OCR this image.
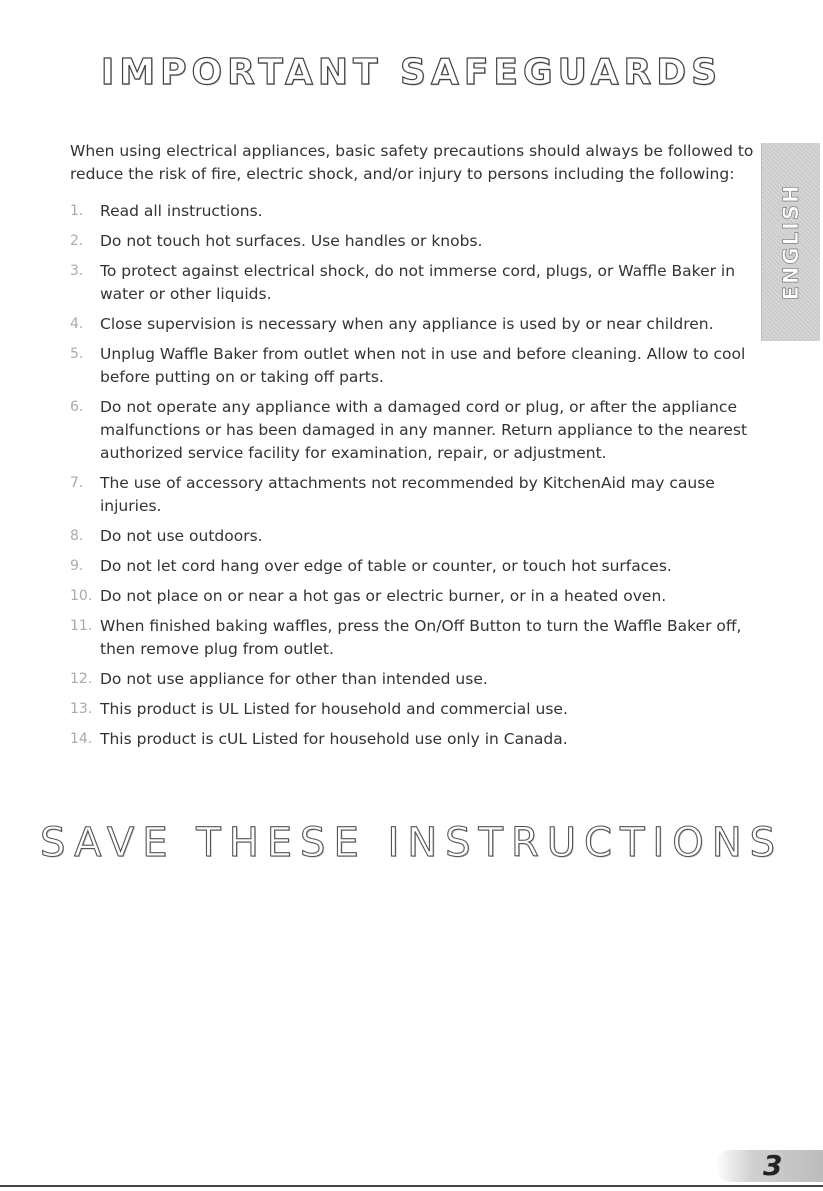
IMPORTANT SAFEGUARDS

When using electrical appliances, basic safety precautions should always be followed to reduce the risk of fire, electric shock, and/or injury to persons including the following:

1. Read all instructions.
2. Do not touch hot surfaces. Use handles or knobs.
3. To protect against electrical shock, do not immerse cord, plugs, or Waffle Baker in water or other liquids.
4. Close supervision is necessary when any appliance is used by or near children.
5. Unplug Waffle Baker from outlet when not in use and before cleaning. Allow to cool before putting on or taking off parts.
6. Do not operate any appliance with a damaged cord or plug, or after the appliance malfunctions or has been damaged in any manner. Return appliance to the nearest authorized service facility for examination, repair, or adjustment.
7. The use of accessory attachments not recommended by KitchenAid may cause injuries.
8. Do not use outdoors.
9. Do not let cord hang over edge of table or counter, or touch hot surfaces.
10. Do not place on or near a hot gas or electric burner, or in a heated oven.
11. When finished baking waffles, press the On/Off Button to turn the Waffle Baker off, then remove plug from outlet.
12. Do not use appliance for other than intended use.
13. This product is UL Listed for household and commercial use.
14. This product is cUL Listed for household use only in Canada.
SAVE THESE INSTRUCTIONS
ENGLISH
3
